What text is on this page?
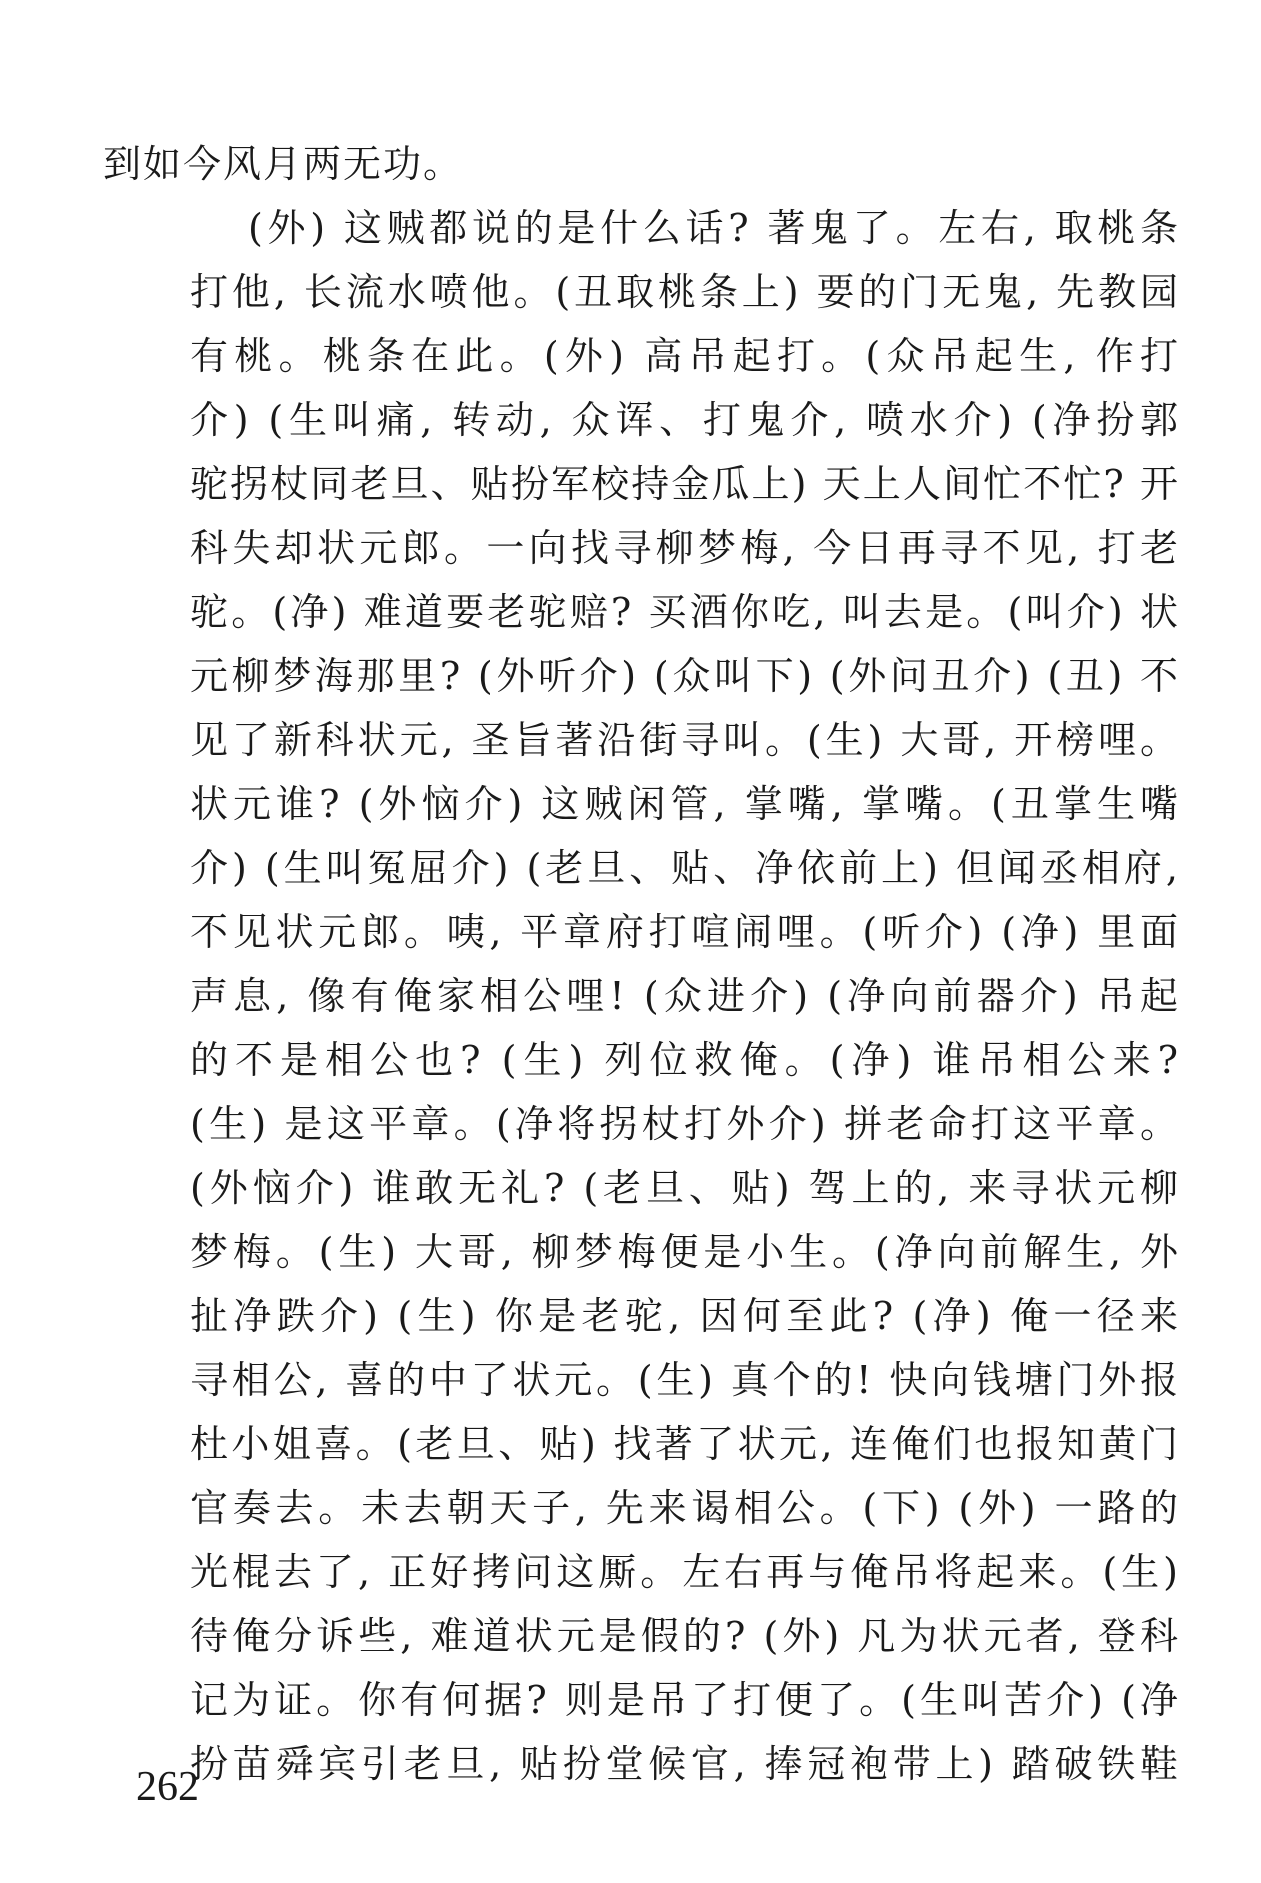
到如今风月两无功。
(外) 这贼都说的是什么话? 著鬼了。左右, 取桃条
打他, 长流水喷他。(丑取桃条上) 要的门无鬼, 先教园
有桃。桃条在此。(外) 高吊起打。(众吊起生, 作打
介) (生叫痛, 转动, 众诨、打鬼介, 喷水介) (净扮郭
驼拐杖同老旦、贴扮军校持金瓜上) 天上人间忙不忙? 开
科失却状元郎。一向找寻柳梦梅, 今日再寻不见, 打老
驼。(净) 难道要老驼赔? 买酒你吃, 叫去是。(叫介) 状
元柳梦海那里? (外听介) (众叫下) (外问丑介) (丑) 不
见了新科状元, 圣旨著沿街寻叫。(生) 大哥, 开榜哩。
状元谁? (外恼介) 这贼闲管, 掌嘴, 掌嘴。(丑掌生嘴
介) (生叫冤屈介) (老旦、贴、净依前上) 但闻丞相府,
不见状元郎。咦, 平章府打喧闹哩。(听介) (净) 里面
声息, 像有俺家相公哩! (众进介) (净向前器介) 吊起
的不是相公也? (生) 列位救俺。(净) 谁吊相公来?
(生) 是这平章。(净将拐杖打外介) 拼老命打这平章。
(外恼介) 谁敢无礼? (老旦、贴) 驾上的, 来寻状元柳
梦梅。(生) 大哥, 柳梦梅便是小生。(净向前解生, 外
扯净跌介) (生) 你是老驼, 因何至此? (净) 俺一径来
寻相公, 喜的中了状元。(生) 真个的! 快向钱塘门外报
杜小姐喜。(老旦、贴) 找著了状元, 连俺们也报知黄门
官奏去。未去朝天子, 先来谒相公。(下) (外) 一路的
光棍去了, 正好拷问这厮。左右再与俺吊将起来。(生)
待俺分诉些, 难道状元是假的? (外) 凡为状元者, 登科
记为证。你有何据? 则是吊了打便了。(生叫苦介) (净
扮苗舜宾引老旦, 贴扮堂候官, 捧冠袍带上) 踏破铁鞋
262
